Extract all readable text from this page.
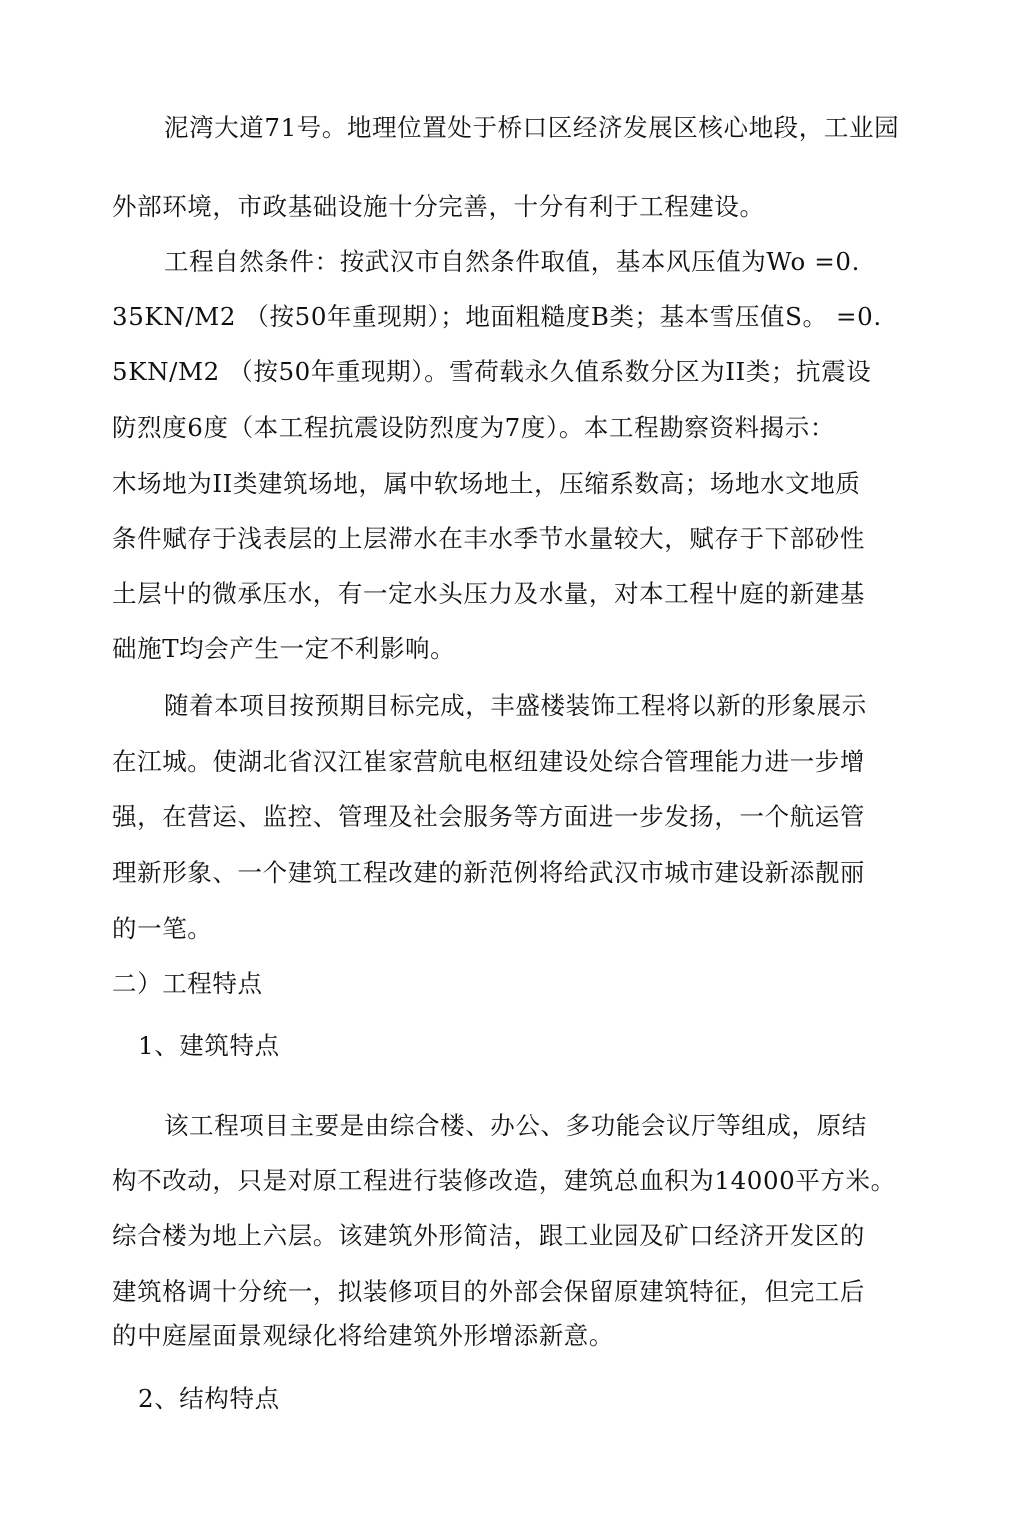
泥湾大道71号。地理位置处于桥口区经济发展区核心地段，工业园
外部环境，市政基础设施十分完善，十分有利于工程建设。
工程自然条件：按武汉市自然条件取值，基本风压值为Wo =0.
35KN/M2 （按50年重现期）；地面粗糙度B类；基本雪压值S。 =0.
5KN/M2 （按50年重现期）。雪荷载永久值系数分区为II类；抗震设
防烈度6度（本工程抗震设防烈度为7度）。本工程勘察资料揭示：
木场地为II类建筑场地，属中软场地土，压缩系数高；场地水文地质
条件赋存于浅表层的上层滞水在丰水季节水量较大，赋存于下部砂性
土层屮的微承压水，有一定水头压力及水量，对本工程屮庭的新建基
础施T均会产生一定不利影响。
随着本项目按预期目标完成，丰盛楼装饰工程将以新的形象展示
在江城。使湖北省汉江崔家营航电枢纽建设处综合管理能力进一步增
强，在营运、监控、管理及社会服务等方面进一步发扬，一个航运管
理新形象、一个建筑工程改建的新范例将给武汉市城市建设新添靓丽
的一笔。
二）工程特点
1、建筑特点
该工程项目主要是由综合楼、办公、多功能会议厅等组成，原结
构不改动，只是对原工程进行装修改造，建筑总血积为14000平方米。
综合楼为地上六层。该建筑外形简洁，跟工业园及矿口经济开发区的
建筑格调十分统一，拟装修项目的外部会保留原建筑特征，但完工后
的中庭屋面景观绿化将给建筑外形增添新意。
2、结构特点
